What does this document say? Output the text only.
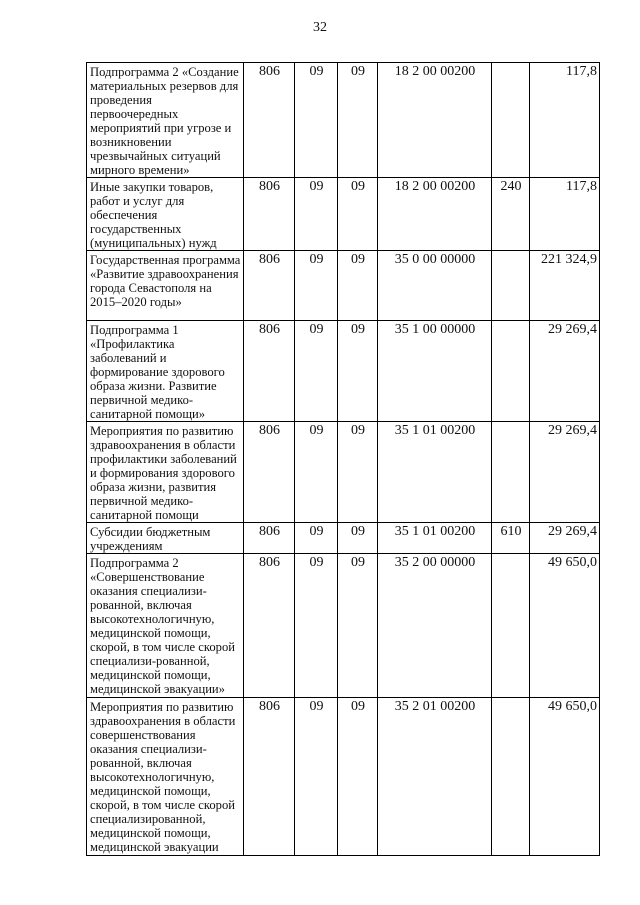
32
Подпрограмма 2 «Создание материальных резервов для проведения первоочередных мероприятий при угрозе и возникновении чрезвычайных ситуаций мирного времени»	806	09	09	18 2 00 00200		117,8
Иные закупки товаров, работ и услуг для обеспечения государственных (муниципальных) нужд	806	09	09	18 2 00 00200	240	117,8
Государственная программа «Развитие здравоохранения города Севастополя на 2015–2020 годы»	806	09	09	35 0 00 00000		221 324,9
Подпрограмма 1 «Профилактика заболеваний и формирование здорового образа жизни. Развитие первичной медико-санитарной помощи»	806	09	09	35 1 00 00000		29 269,4
Мероприятия по развитию здравоохранения в области профилактики заболеваний и формирования здорового образа жизни, развития первичной медико-санитарной помощи	806	09	09	35 1 01 00200		29 269,4
Субсидии бюджетным учреждениям	806	09	09	35 1 01 00200	610	29 269,4
Подпрограмма 2 «Совершенствование оказания специализи-рованной, включая высокотехнологичную, медицинской помощи, скорой, в том числе скорой специализи-рованной, медицинской помощи, медицинской эвакуации»	806	09	09	35 2 00 00000		49 650,0
Мероприятия по развитию здравоохранения в области совершенствования оказания специализи-рованной, включая высокотехнологичную, медицинской помощи, скорой, в том числе скорой специализированной, медицинской помощи, медицинской эвакуации	806	09	09	35 2 01 00200		49 650,0
